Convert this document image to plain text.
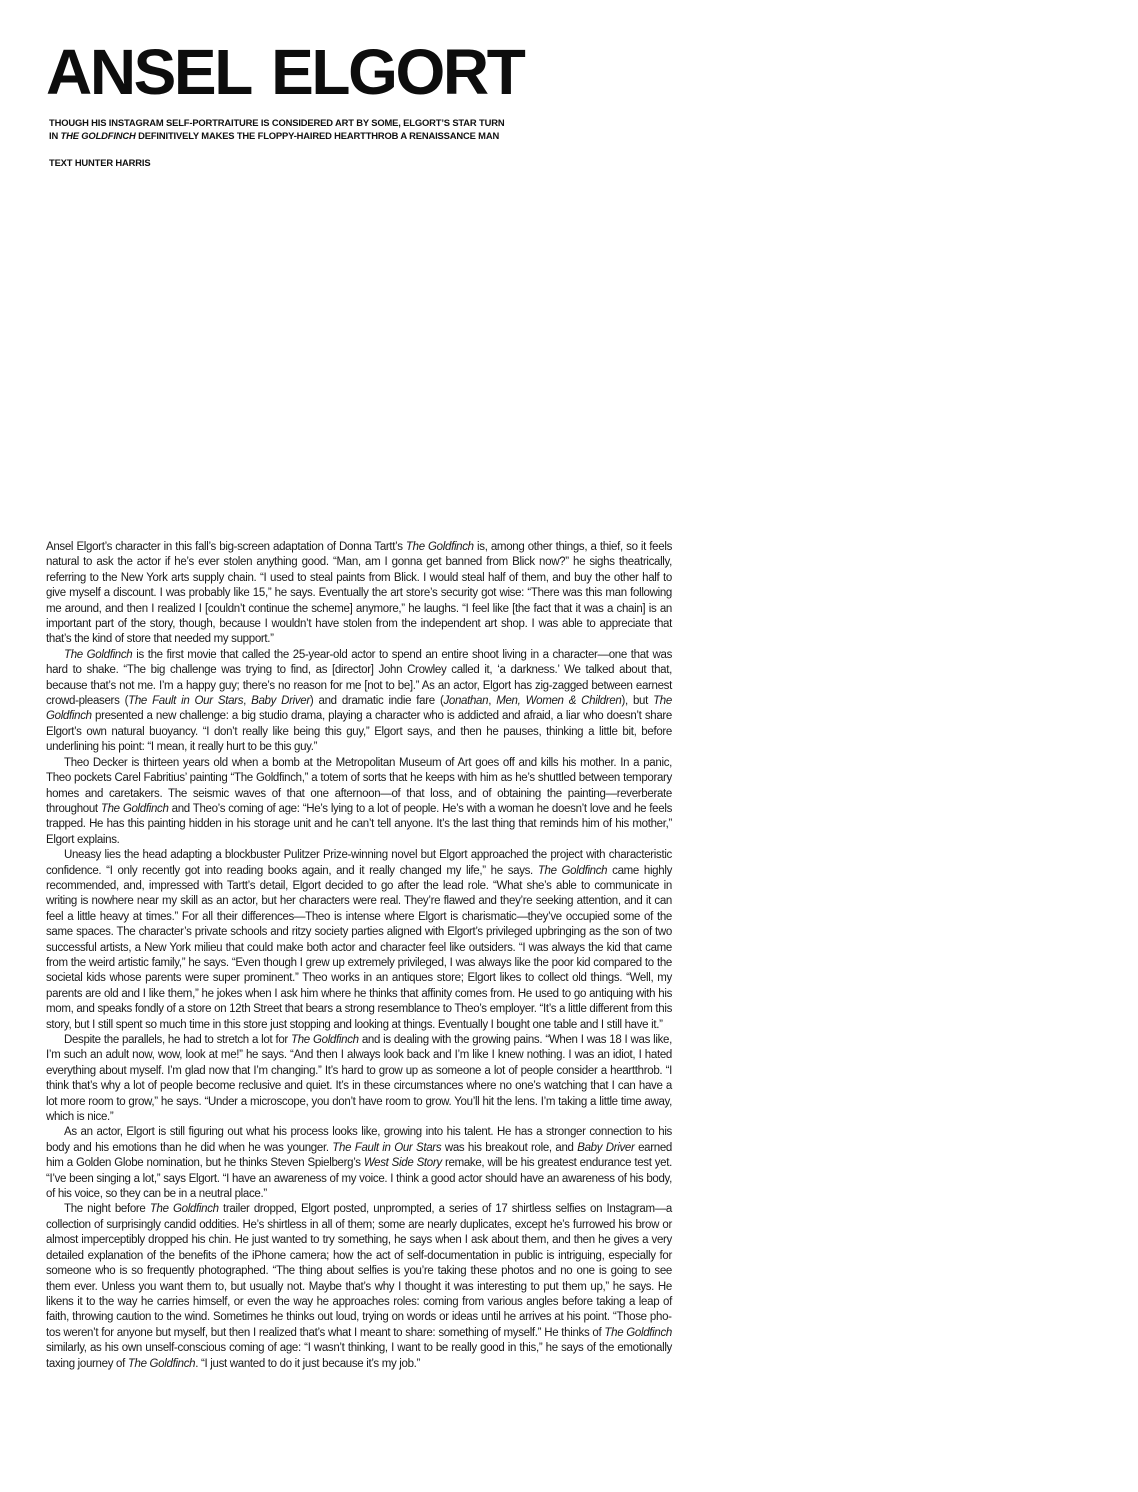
ANSEL ELGORT
THOUGH HIS INSTAGRAM SELF-PORTRAITURE IS CONSIDERED ART BY SOME, ELGORT’S STAR TURN
IN THE GOLDFINCH DEFINITIVELY MAKES THE FLOPPY-HAIRED HEARTTHROB A RENAISSANCE MAN
TEXT HUNTER HARRIS

Ansel Elgort’s character in this fall’s big-screen adaptation of Donna Tartt’s The Goldfinch is, among other things, a thief, so it feels natural to ask the actor if he’s ever stolen anything good. “Man, am I gonna get banned from Blick now?” he sighs theatrically, referring to the New York arts supply chain. “I used to steal paints from Blick. I would steal half of them, and buy the other half to give myself a discount. I was probably like 15,” he says. Eventually the art store’s security got wise: “There was this man following me around, and then I realized I [couldn’t continue the scheme] anymore,” he laughs. “I feel like [the fact that it was a chain] is an important part of the story, though, because I wouldn’t have stolen from the independent art shop. I was able to appreciate that that’s the kind of store that needed my support.”

The Goldfinch is the first movie that called the 25-year-old actor to spend an entire shoot living in a character—one that was hard to shake. “The big challenge was trying to find, as [director] John Crowley called it, ‘a darkness.’ We talked about that, because that’s not me. I’m a happy guy; there’s no reason for me [not to be].” As an actor, Elgort has zig-zagged between earnest crowd-pleasers (The Fault in Our Stars, Baby Driver) and dramatic indie fare (Jonathan, Men, Women & Children), but The Goldfinch presented a new challenge: a big studio drama, playing a character who is addicted and afraid, a liar who doesn’t share Elgort’s own natural buoyancy. “I don’t really like being this guy,” Elgort says, and then he pauses, thinking a little bit, before underlining his point: “I mean, it really hurt to be this guy.”

Theo Decker is thirteen years old when a bomb at the Metropolitan Museum of Art goes off and kills his mother. In a panic, Theo pockets Carel Fabritius’ painting “The Goldfinch,” a totem of sorts that he keeps with him as he’s shuttled between temporary homes and caretakers. The seismic waves of that one afternoon—of that loss, and of obtaining the painting—reverberate throughout The Goldfinch and Theo’s coming of age: “He’s lying to a lot of people. He’s with a woman he doesn’t love and he feels trapped. He has this painting hidden in his storage unit and he can’t tell anyone. It’s the last thing that reminds him of his mother,” Elgort explains.

Uneasy lies the head adapting a blockbuster Pulitzer Prize-winning novel but Elgort approached the project with characteristic confidence. “I only recently got into reading books again, and it really changed my life,” he says. The Goldfinch came highly recommended, and, impressed with Tartt’s detail, Elgort decided to go after the lead role. “What she’s able to communicate in writing is nowhere near my skill as an actor, but her characters were real. They’re flawed and they’re seeking attention, and it can feel a little heavy at times.” For all their differences—Theo is intense where Elgort is charismatic—they’ve occupied some of the same spaces. The character’s private schools and ritzy society parties aligned with Elgort’s privileged upbringing as the son of two successful artists, a New York milieu that could make both actor and character feel like outsiders. “I was always the kid that came from the weird artistic family,” he says. “Even though I grew up extremely privileged, I was always like the poor kid compared to the societal kids whose parents were super prominent.” Theo works in an antiques store; Elgort likes to collect old things. “Well, my parents are old and I like them,” he jokes when I ask him where he thinks that affinity comes from. He used to go antiquing with his mom, and speaks fondly of a store on 12th Street that bears a strong resemblance to Theo’s employer. “It’s a little different from this story, but I still spent so much time in this store just stopping and looking at things. Eventually I bought one table and I still have it.”

Despite the parallels, he had to stretch a lot for The Goldfinch and is dealing with the growing pains. “When I was 18 I was like, I’m such an adult now, wow, look at me!” he says. “And then I always look back and I’m like I knew nothing. I was an idiot, I hated everything about myself. I’m glad now that I’m changing.” It’s hard to grow up as someone a lot of people consider a heartthrob. “I think that’s why a lot of people become reclusive and quiet. It’s in these circumstances where no one’s watching that I can have a lot more room to grow,” he says. “Under a microscope, you don’t have room to grow. You’ll hit the lens. I’m taking a little time away, which is nice.”

As an actor, Elgort is still figuring out what his process looks like, growing into his talent. He has a stronger connection to his body and his emotions than he did when he was younger. The Fault in Our Stars was his breakout role, and Baby Driver earned him a Golden Globe nomination, but he thinks Steven Spielberg’s West Side Story remake, will be his greatest endurance test yet. “I’ve been singing a lot,” says Elgort. “I have an awareness of my voice. I think a good actor should have an awareness of his body, of his voice, so they can be in a neutral place.”

The night before The Goldfinch trailer dropped, Elgort posted, unprompted, a series of 17 shirtless selfies on Instagram—a collection of surprisingly candid oddities. He’s shirtless in all of them; some are nearly duplicates, except he’s furrowed his brow or almost imperceptibly dropped his chin. He just wanted to try something, he says when I ask about them, and then he gives a very detailed explanation of the benefits of the iPhone camera; how the act of self-documentation in public is intriguing, especially for someone who is so frequently photographed. “The thing about selfies is you’re taking these photos and no one is going to see them ever. Unless you want them to, but usually not. Maybe that’s why I thought it was interesting to put them up,” he says. He likens it to the way he carries himself, or even the way he approaches roles: coming from various angles before taking a leap of faith, throwing caution to the wind. Sometimes he thinks out loud, trying on words or ideas until he arrives at his point. “Those photos weren’t for anyone but myself, but then I realized that’s what I meant to share: something of myself.” He thinks of The Goldfinch similarly, as his own unself-conscious coming of age: “I wasn’t thinking, I want to be really good in this,” he says of the emotionally taxing journey of The Goldfinch. “I just wanted to do it just because it’s my job.”
